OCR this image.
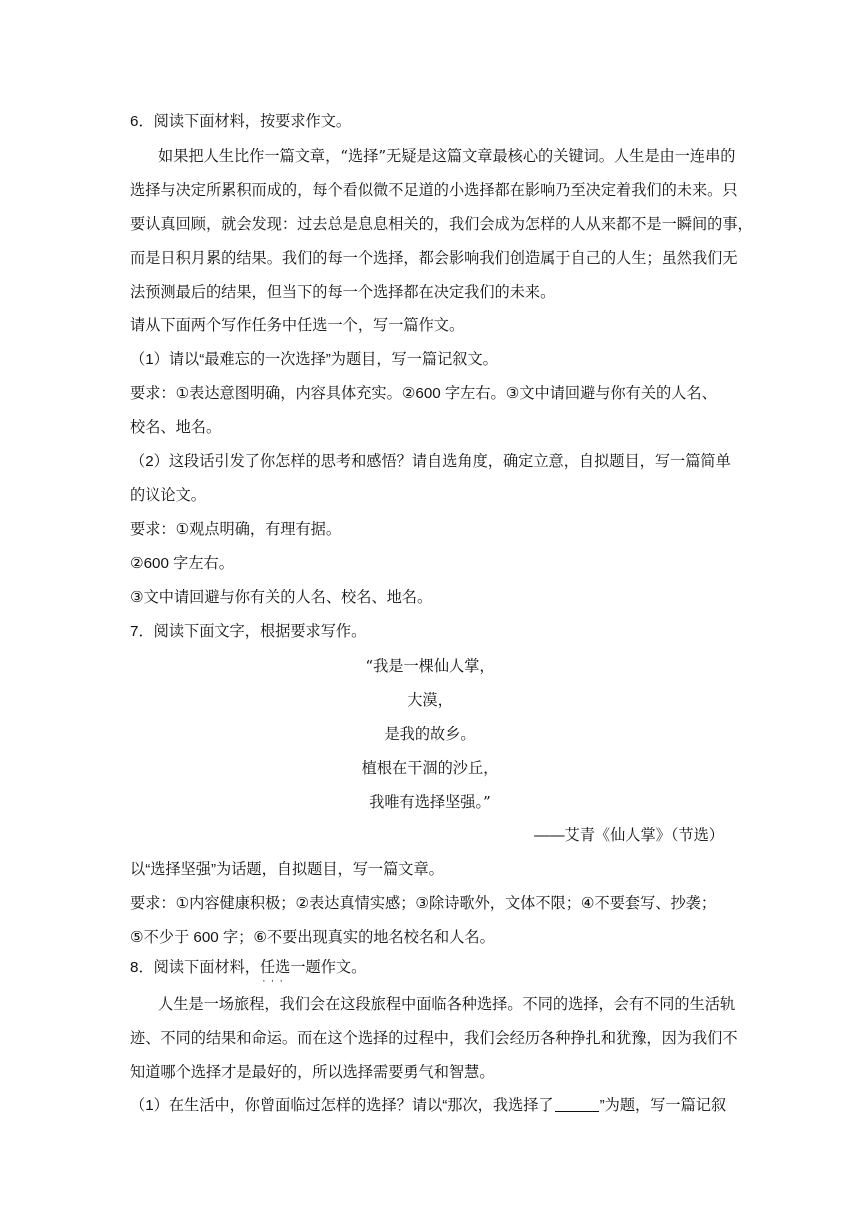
6．阅读下面材料，按要求作文。
如果把人生比作一篇文章，“选择”无疑是这篇文章最核心的关键词。人生是由一连串的
选择与决定所累积而成的，每个看似微不足道的小选择都在影响乃至决定着我们的未来。只
要认真回顾，就会发现：过去总是息息相关的，我们会成为怎样的人从来都不是一瞬间的事，
而是日积月累的结果。我们的每一个选择，都会影响我们创造属于自己的人生；虽然我们无
法预测最后的结果，但当下的每一个选择都在决定我们的未来。
请从下面两个写作任务中任选一个，写一篇作文。
（1）请以“最难忘的一次选择”为题目，写一篇记叙文。
要求：①表达意图明确，内容具体充实。②600 字左右。③文中请回避与你有关的人名、
校名、地名。
（2）这段话引发了你怎样的思考和感悟？请自选角度，确定立意，自拟题目，写一篇简单
的议论文。
要求：①观点明确，有理有据。
②600 字左右。
③文中请回避与你有关的人名、校名、地名。
7．阅读下面文字，根据要求写作。
“我是一棵仙人掌，
大漠，
是我的故乡。
植根在干涸的沙丘，
我唯有选择坚强。”
——艾青《仙人掌》（节选）
以“选择坚强”为话题，自拟题目，写一篇文章。
要求：①内容健康积极；②表达真情实感；③除诗歌外，文体不限；④不要套写、抄袭；
⑤不少于 600 字；⑥不要出现真实的地名校名和人名。
8．阅读下面材料，任选一 · · ·题作文。
人生是一场旅程，我们会在这段旅程中面临各种选择。不同的选择，会有不同的生活轨
迹、不同的结果和命运。而在这个选择的过程中，我们会经历各种挣扎和犹豫，因为我们不
知道哪个选择才是最好的，所以选择需要勇气和智慧。
（1）在生活中，你曾面临过怎样的选择？请以“那次，我选择了	”为题，写一篇记叙
